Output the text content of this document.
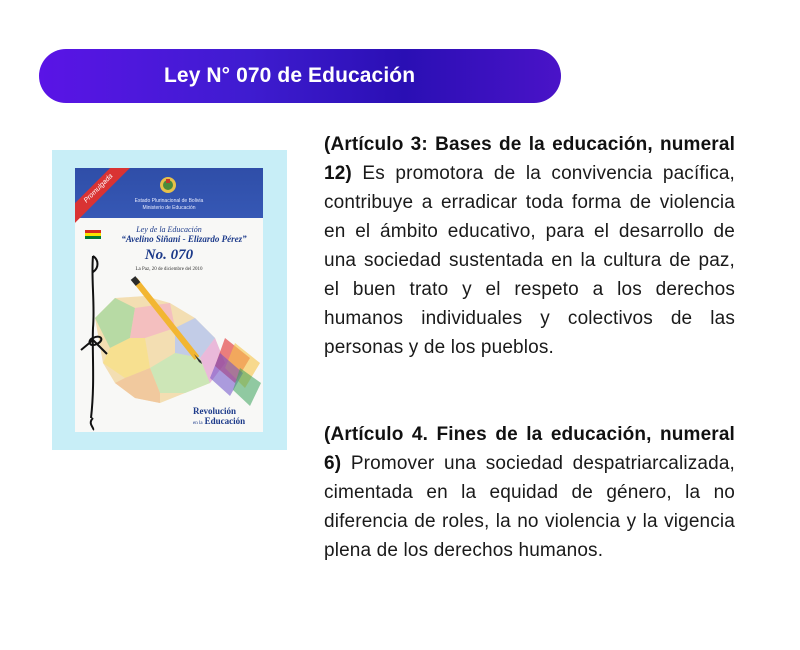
Ley N° 070 de Educación
Estado Plurinacional de Bolivia
Ministerio de Educación
Promulgada
Ley de la Educación
“Avelino Siñani - Elizardo Pérez”
No. 070
La Paz, 20 de diciembre del 2010
Revolución
en la Educación
(Artículo 3: Bases de la educación, numeral 12) Es promotora de la convivencia pacífica, contribuye a erradicar toda forma de violencia en el ámbito educativo, para el desarrollo de una sociedad sustentada en la cultura de paz, el buen trato y el respeto a los derechos humanos individuales y colectivos de las personas y de los pueblos.
(Artículo 4. Fines de la educación, numeral 6) Promover una sociedad despatriarcalizada, cimentada en la equidad de género, la no diferencia de roles, la no violencia y la vigencia plena de los derechos humanos.
